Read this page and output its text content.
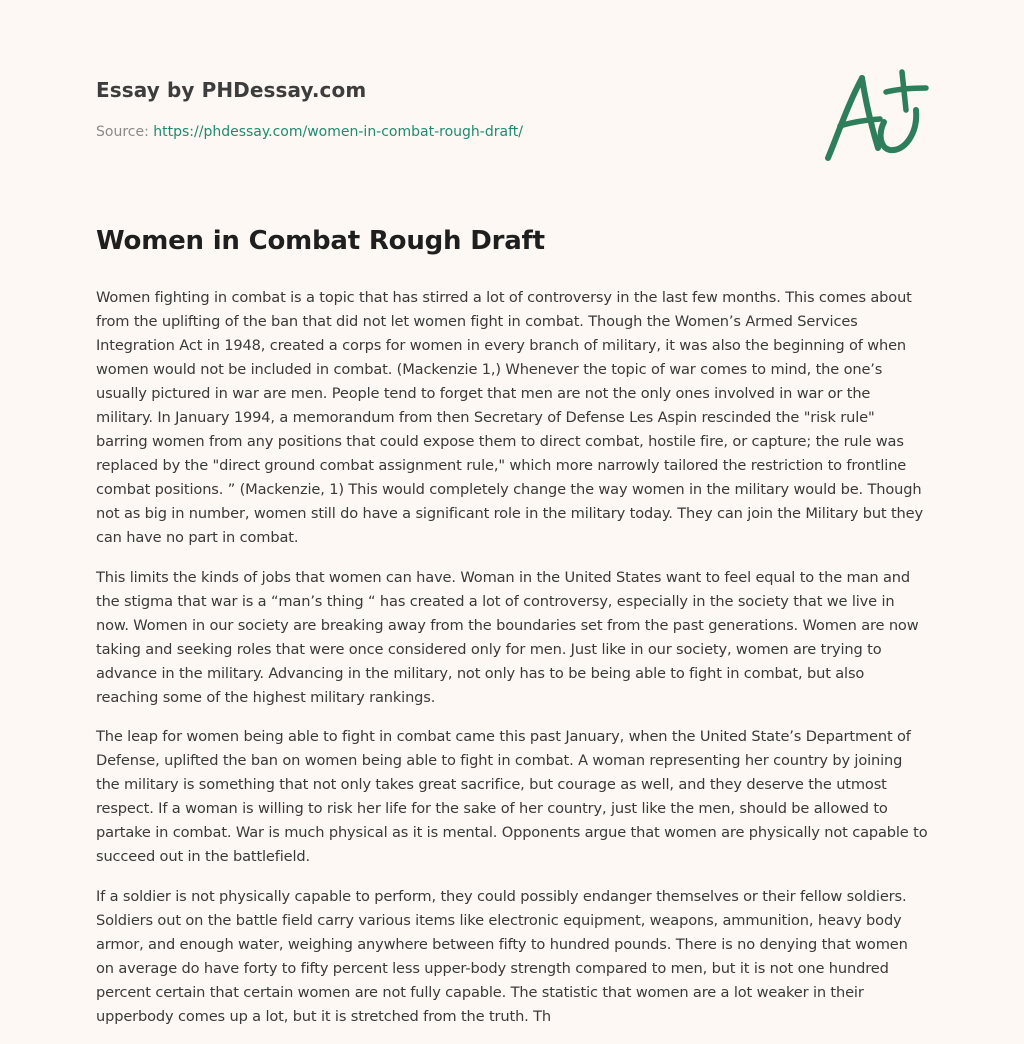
Essay by PHDessay.com
Source: https://phdessay.com/women-in-combat-rough-draft/
Women in Combat Rough Draft

Women fighting in combat is a topic that has stirred a lot of controversy in the last few months. This comes about from the uplifting of the ban that did not let women fight in combat. Though the Women’s Armed Services Integration Act in 1948, created a corps for women in every branch of military, it was also the beginning of when women would not be included in combat. (Mackenzie 1,) Whenever the topic of war comes to mind, the one’s usually pictured in war are men. People tend to forget that men are not the only ones involved in war or the military. In January 1994, a memorandum from then Secretary of Defense Les Aspin rescinded the "risk rule" barring women from any positions that could expose them to direct combat, hostile fire, or capture; the rule was replaced by the "direct ground combat assignment rule," which more narrowly tailored the restriction to frontline combat positions. ” (Mackenzie, 1) This would completely change the way women in the military would be. Though not as big in number, women still do have a significant role in the military today. They can join the Military but they can have no part in combat.

This limits the kinds of jobs that women can have. Woman in the United States want to feel equal to the man and the stigma that war is a “man’s thing “ has created a lot of controversy, especially in the society that we live in now. Women in our society are breaking away from the boundaries set from the past generations. Women are now taking and seeking roles that were once considered only for men. Just like in our society, women are trying to advance in the military. Advancing in the military, not only has to be being able to fight in combat, but also reaching some of the highest military rankings.

The leap for women being able to fight in combat came this past January, when the United State’s Department of Defense, uplifted the ban on women being able to fight in combat. A woman representing her country by joining the military is something that not only takes great sacrifice, but courage as well, and they deserve the utmost respect. If a woman is willing to risk her life for the sake of her country, just like the men, should be allowed to partake in combat. War is much physical as it is mental. Opponents argue that women are physically not capable to succeed out in the battlefield.

If a soldier is not physically capable to perform, they could possibly endanger themselves or their fellow soldiers. Soldiers out on the battle field carry various items like electronic equipment, weapons, ammunition, heavy body armor, and enough water, weighing anywhere between fifty to hundred pounds. There is no denying that women on average do have forty to fifty percent less upper-body strength compared to men, but it is not one hundred percent certain that certain women are not fully capable. The statistic that women are a lot weaker in their upperbody comes up a lot, but it is stretched from the truth. Th
